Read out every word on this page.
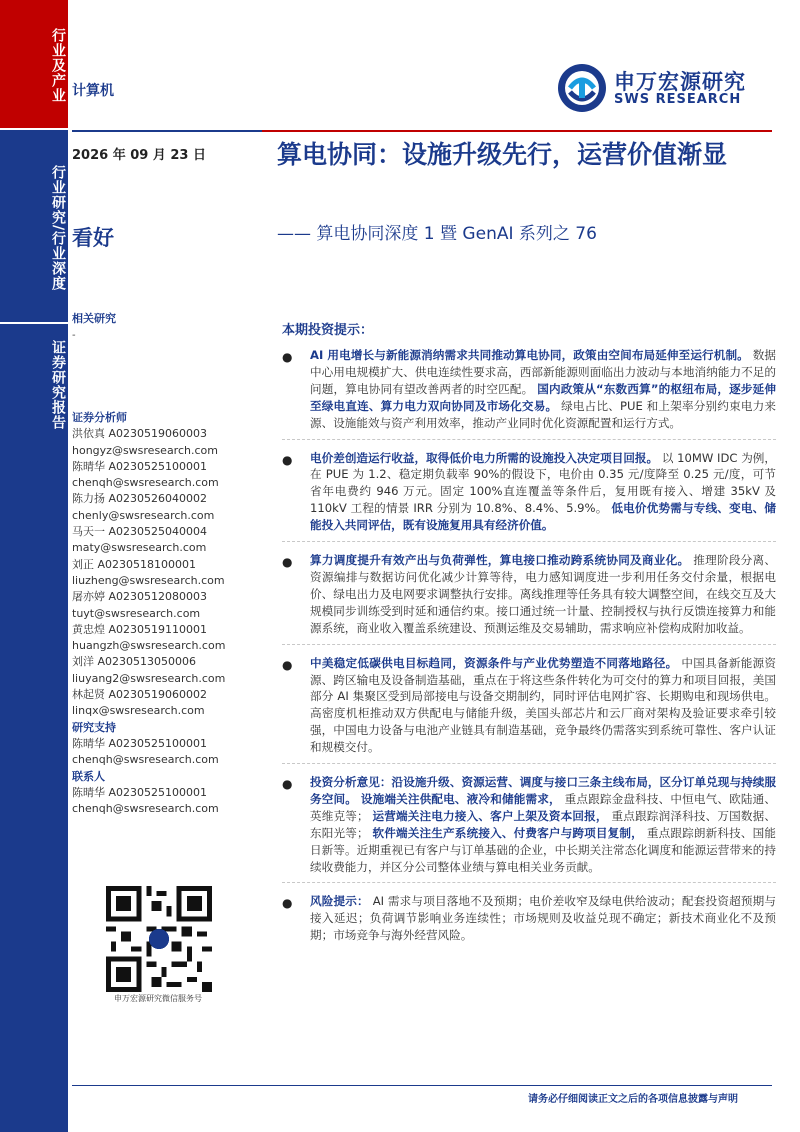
行业及产业
行业研究/行业深度
证券研究报告
计算机	申万宏源研究
SWS RESEARCH
2026 年 09 月 23 日	算电协同：设施升级先行，运营价值渐显
—— 算电协同深度 1 暨 GenAI 系列之 76
看好
相关研究
-
证券分析师
洪依真 A0230519060003
hongyz@swsresearch.com
陈晴华 A0230525100001
chenqh@swsresearch.com
陈力扬 A0230526040002
chenly@swsresearch.com
马天一 A0230525040004
maty@swsresearch.com
刘正 A0230518100001
liuzheng@swsresearch.com
屠亦婷 A0230512080003
tuyt@swsresearch.com
黄忠煌 A0230519110001
huangzh@swsresearch.com
刘洋 A0230513050006
liuyang2@swsresearch.com
林起贤 A0230519060002
linqx@swsresearch.com
研究支持
陈晴华 A0230525100001
chenqh@swsresearch.com
联系人
陈晴华 A0230525100001
chenqh@swsresearch.com
申万宏源研究微信服务号
本期投资提示：
● AI 用电增长与新能源消纳需求共同推动算电协同，政策由空间布局延伸至运行机制。 数据中心用电规模扩大、供电连续性要求高，西部新能源则面临出力波动与本地消纳能力不足的问题，算电协同有望改善两者的时空匹配。 国内政策从“东数西算”的枢纽布局，逐步延伸至绿电直连、算力电力双向协同及市场化交易。 绿电占比、PUE 和上架率分别约束电力来源、设施能效与资产利用效率，推动产业同时优化资源配置和运行方式。
● 电价差创造运行收益，取得低价电力所需的设施投入决定项目回报。 以 10MW IDC 为例，在 PUE 为 1.2、稳定期负载率 90%的假设下，电价由 0.35 元/度降至 0.25 元/度，可节省年电费约 946 万元。固定 100%直连覆盖等条件后，复用既有接入、增建 35kV 及 110kV 工程的情景 IRR 分别为 10.8%、8.4%、5.9%。 低电价优势需与专线、变电、储能投入共同评估，既有设施复用具有经济价值。
● 算力调度提升有效产出与负荷弹性，算电接口推动跨系统协同及商业化。 推理阶段分离、资源编排与数据访问优化减少计算等待，电力感知调度进一步利用任务交付余量，根据电价、绿电出力及电网要求调整执行安排。离线推理等任务具有较大调整空间，在线交互及大规模同步训练受到时延和通信约束。接口通过统一计量、控制授权与执行反馈连接算力和能源系统，商业收入覆盖系统建设、预测运维及交易辅助，需求响应补偿构成附加收益。
● 中美稳定低碳供电目标趋同，资源条件与产业优势塑造不同落地路径。 中国具备新能源资源、跨区输电及设备制造基础，重点在于将这些条件转化为可交付的算力和项目回报，美国部分 AI 集聚区受到局部接电与设备交期制约，同时评估电网扩容、长期购电和现场供电。高密度机柜推动双方供配电与储能升级，美国头部芯片和云厂商对架构及验证要求牵引较强，中国电力设备与电池产业链具有制造基础，竞争最终仍需落实到系统可靠性、客户认证和规模交付。
● 投资分析意见：沿设施升级、资源运营、调度与接口三条主线布局，区分订单兑现与持续服务空间。 设施端关注供配电、液冷和储能需求， 重点跟踪金盘科技、中恒电气、欧陆通、英维克等； 运营端关注电力接入、客户上架及资本回报， 重点跟踪润泽科技、万国数据、东阳光等； 软件端关注生产系统接入、付费客户与跨项目复制， 重点跟踪朗新科技、国能日新等。近期重视已有客户与订单基础的企业，中长期关注常态化调度和能源运营带来的持续收费能力，并区分公司整体业绩与算电相关业务贡献。
● 风险提示： AI 需求与项目落地不及预期；电价差收窄及绿电供给波动；配套投资超预期与接入延迟；负荷调节影响业务连续性；市场规则及收益兑现不确定；新技术商业化不及预期；市场竞争与海外经营风险。
请务必仔细阅读正文之后的各项信息披露与声明
